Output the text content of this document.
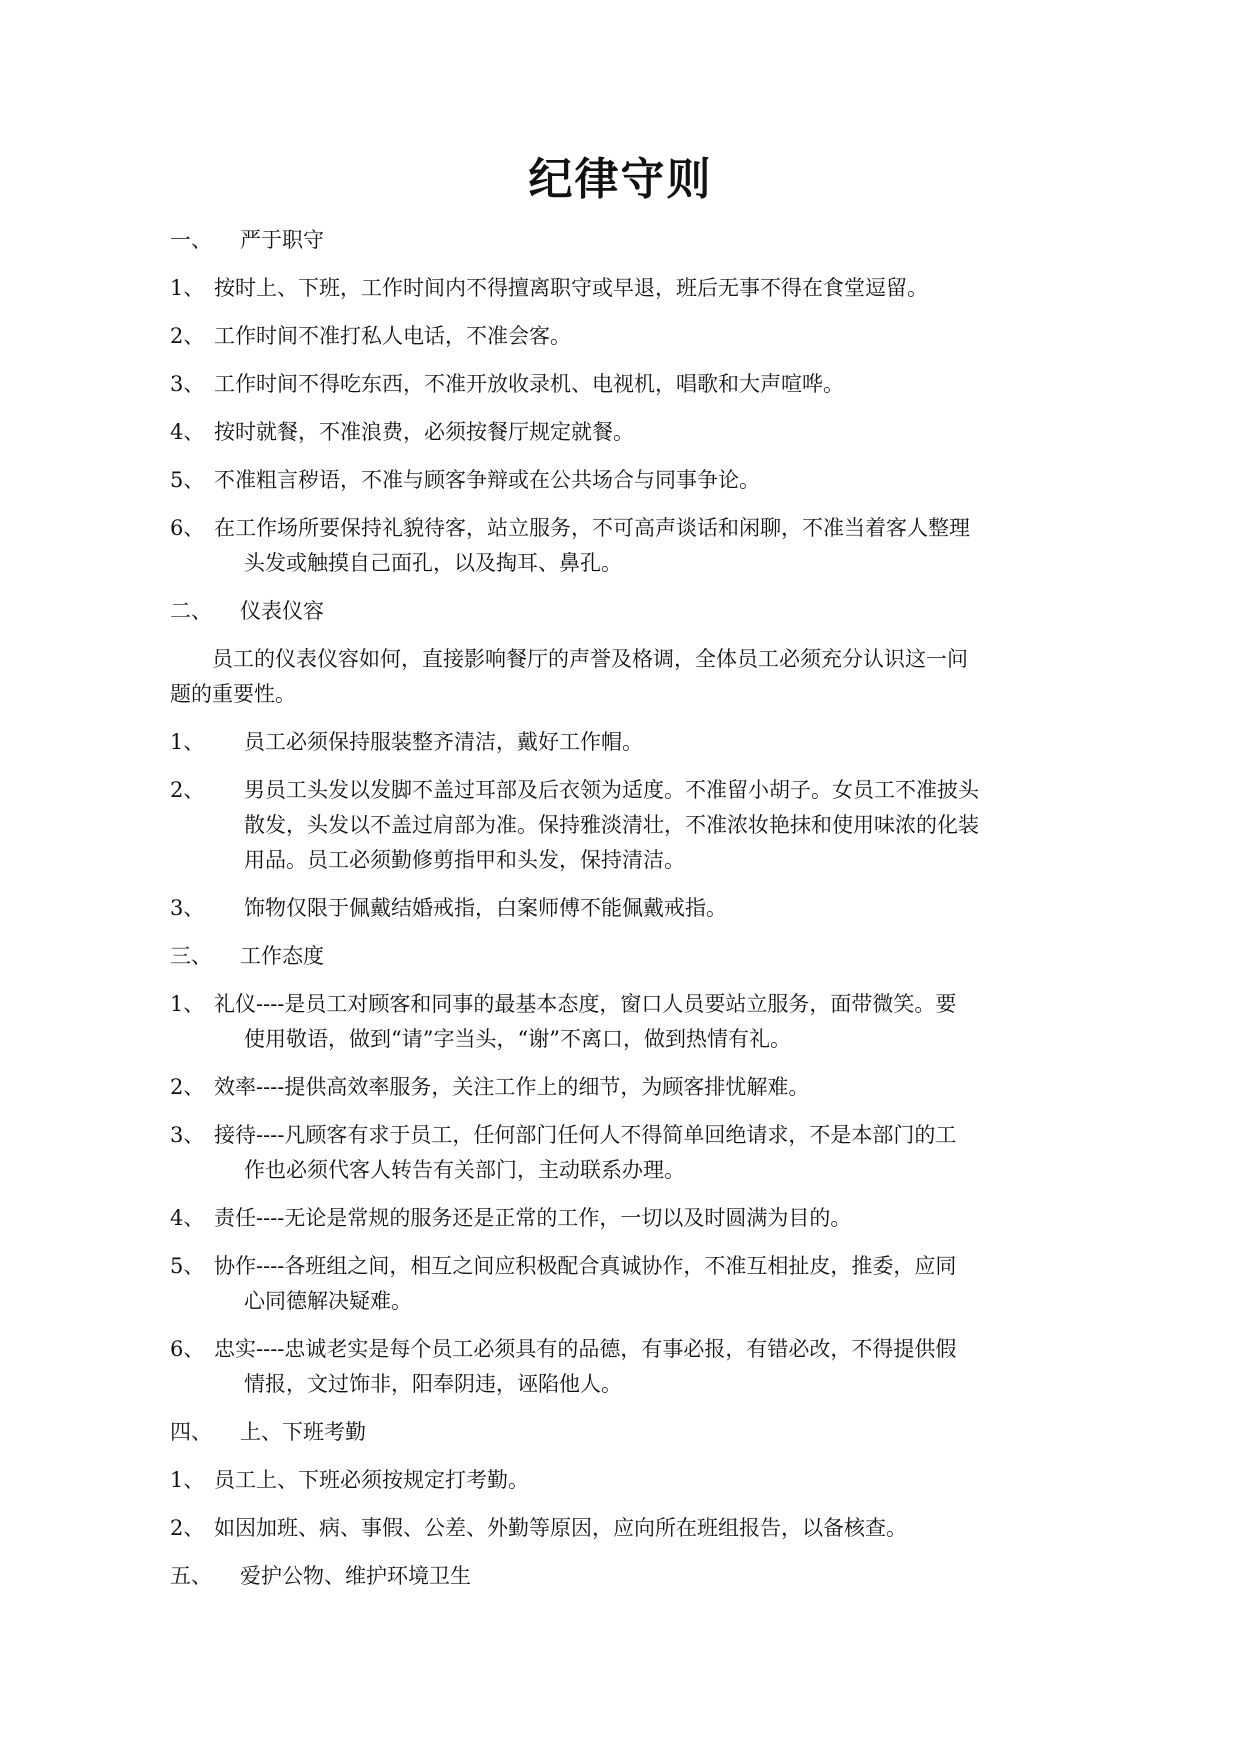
纪律守则
一、 严于职守
1、 按时上、下班，工作时间内不得擅离职守或早退，班后无事不得在食堂逗留。
2、 工作时间不准打私人电话，不准会客。
3、 工作时间不得吃东西，不准开放收录机、电视机，唱歌和大声喧哗。
4、 按时就餐，不准浪费，必须按餐厅规定就餐。
5、 不准粗言秽语，不准与顾客争辩或在公共场合与同事争论。
6、 在工作场所要保持礼貌待客，站立服务，不可高声谈话和闲聊，不准当着客人整理
头发或触摸自己面孔，以及掏耳、鼻孔。
二、 仪表仪容
员工的仪表仪容如何，直接影响餐厅的声誉及格调，全体员工必须充分认识这一问
题的重要性。
1、 员工必须保持服装整齐清洁，戴好工作帽。
2、 男员工头发以发脚不盖过耳部及后衣领为适度。不准留小胡子。女员工不准披头
散发，头发以不盖过肩部为准。保持雅淡清壮，不准浓妆艳抹和使用味浓的化装
用品。员工必须勤修剪指甲和头发，保持清洁。
3、 饰物仅限于佩戴结婚戒指，白案师傅不能佩戴戒指。
三、 工作态度
1、 礼仪----是员工对顾客和同事的最基本态度，窗口人员要站立服务，面带微笑。要
使用敬语，做到“请”字当头，“谢”不离口，做到热情有礼。
2、 效率----提供高效率服务，关注工作上的细节，为顾客排忧解难。
3、 接待----凡顾客有求于员工，任何部门任何人不得简单回绝请求，不是本部门的工
作也必须代客人转告有关部门，主动联系办理。
4、 责任----无论是常规的服务还是正常的工作，一切以及时圆满为目的。
5、 协作----各班组之间，相互之间应积极配合真诚协作，不准互相扯皮，推委，应同
心同德解决疑难。
6、 忠实----忠诚老实是每个员工必须具有的品德，有事必报，有错必改，不得提供假
情报，文过饰非，阳奉阴违，诬陷他人。
四、 上、下班考勤
1、 员工上、下班必须按规定打考勤。
2、 如因加班、病、事假、公差、外勤等原因，应向所在班组报告，以备核查。
五、 爱护公物、维护环境卫生
